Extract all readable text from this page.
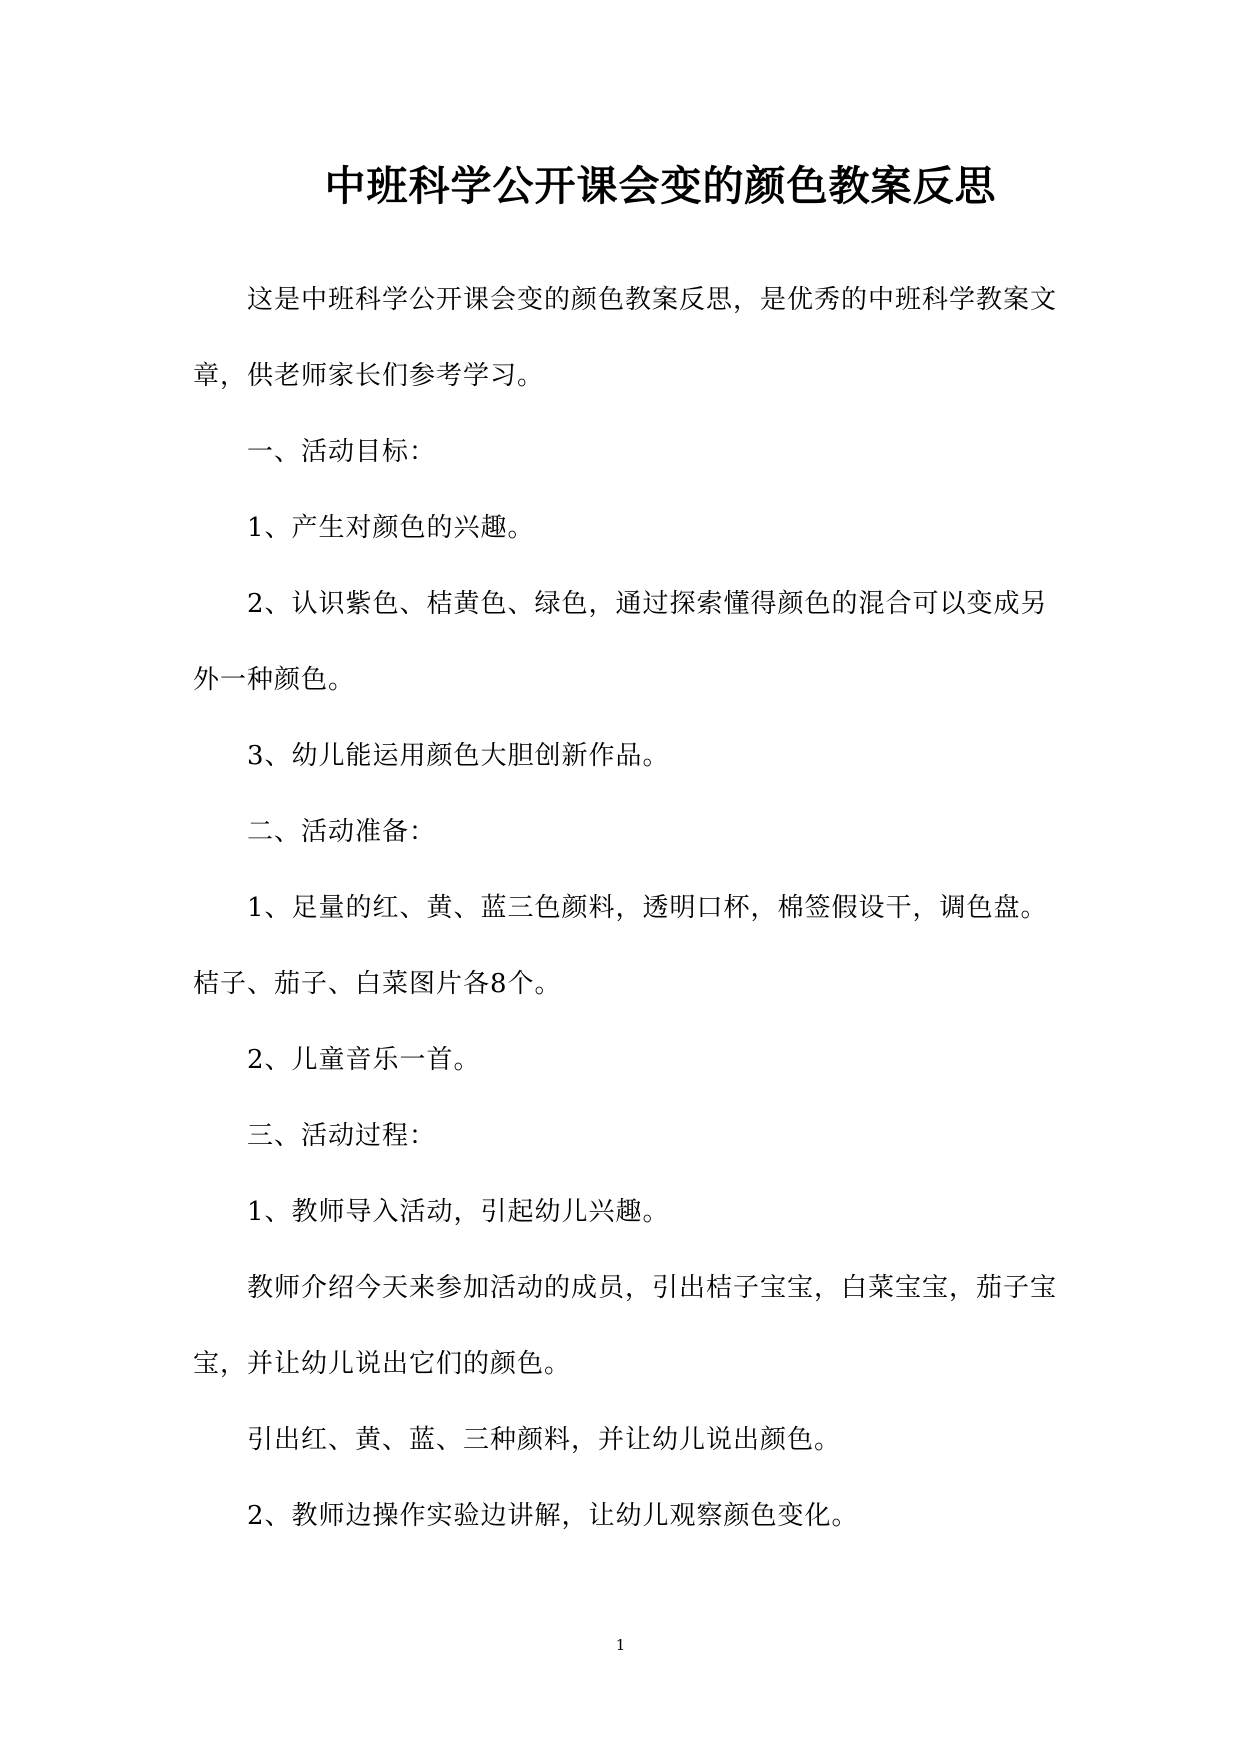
中班科学公开课会变的颜色教案反思

这是中班科学公开课会变的颜色教案反思，是优秀的中班科学教案文章，供老师家长们参考学习。

一、活动目标：

1、产生对颜色的兴趣。

2、认识紫色、桔黄色、绿色，通过探索懂得颜色的混合可以变成另外一种颜色。

3、幼儿能运用颜色大胆创新作品。

二、活动准备：

1、足量的红、黄、蓝三色颜料，透明口杯，棉签假设干，调色盘。桔子、茄子、白菜图片各8个。

2、儿童音乐一首。

三、活动过程：

1、教师导入活动，引起幼儿兴趣。

教师介绍今天来参加活动的成员，引出桔子宝宝，白菜宝宝，茄子宝宝，并让幼儿说出它们的颜色。

引出红、黄、蓝、三种颜料，并让幼儿说出颜色。

2、教师边操作实验边讲解，让幼儿观察颜色变化。

1
